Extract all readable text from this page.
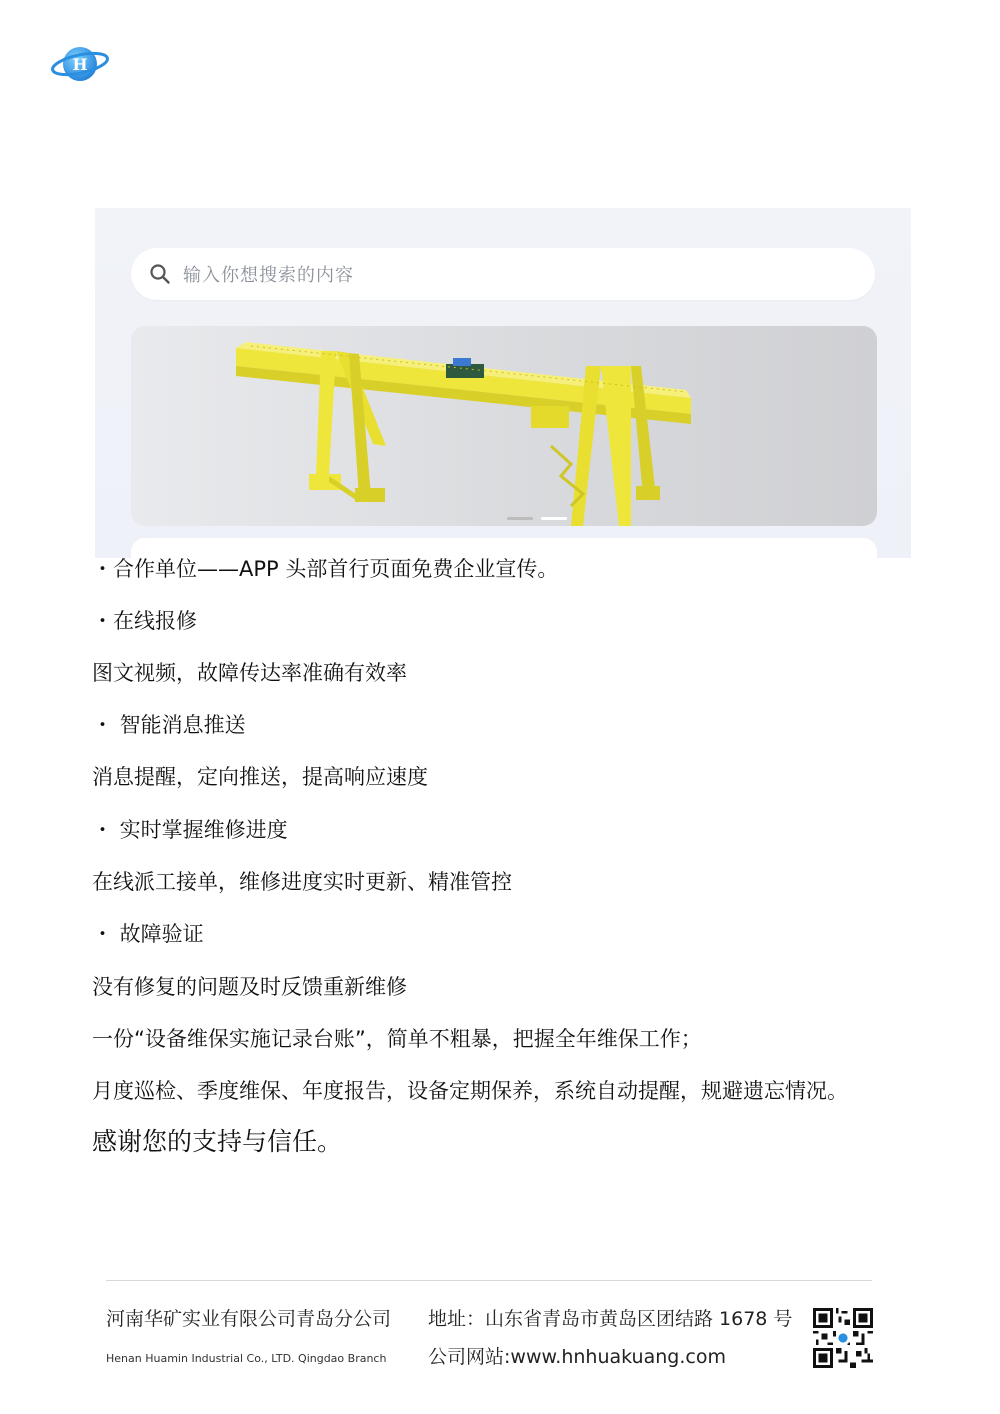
H
输入你想搜索的内容
・合作单位——APP 头部首行页面免费企业宣传。
・在线报修
图文视频，故障传达率准确有效率
・ 智能消息推送
消息提醒，定向推送，提高响应速度
・ 实时掌握维修进度
在线派工接单，维修进度实时更新、精准管控
・ 故障验证
没有修复的问题及时反馈重新维修
一份“设备维保实施记录台账”，简单不粗暴，把握全年维保工作；
月度巡检、季度维保、年度报告，设备定期保养，系统自动提醒，规避遗忘情况。
感谢您的支持与信任。
河南华矿实业有限公司青岛分公司
Henan Huamin Industrial Co., LTD. Qingdao Branch
地址：山东省青岛市黄岛区团结路 1678 号
公司网站:www.hnhuakuang.com
